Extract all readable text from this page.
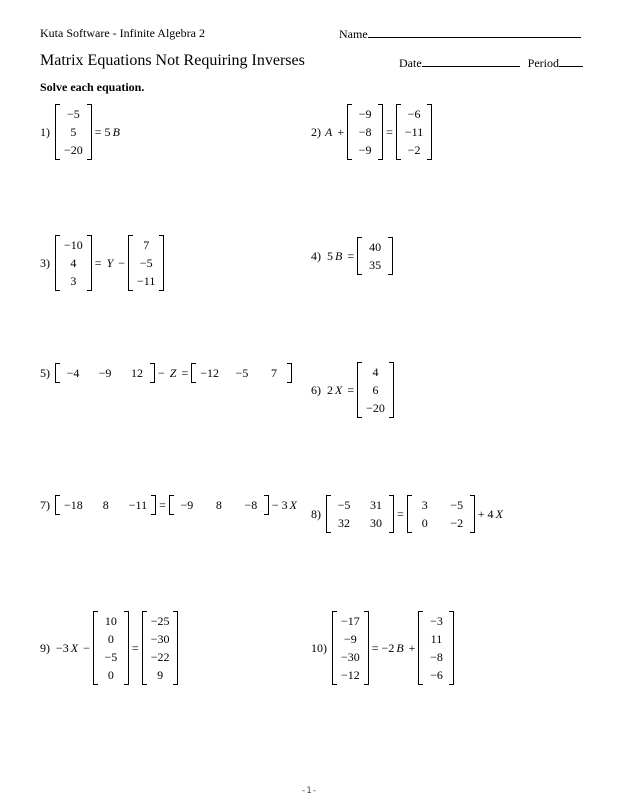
Kuta Software - Infinite Algebra 2	Name
Matrix Equations Not Requiring Inverses	Date	Period
Solve each equation.
1)
−5
5
−20
= 5 B	2) A +
−9
−8
−9
=
−6
−11
−2
3)
−10
4
3
= Y −
7
−5
−11
4) 5 B =
40
35
5) −4 −9 12 − Z = −12 −5	7
6) 2 X =
4
6
−20
7) −18	8	−11 = −9	8	−8 − 3 X
8)
−5 31
32 30
=
3	−5
0	−2
+ 4 X
9) −3 X −
10
0
−5
0
=
−25
−30
−22
9
10)
−17
−9
−30
−12
= −2 B +
−3
11
−8
−6
-1-
